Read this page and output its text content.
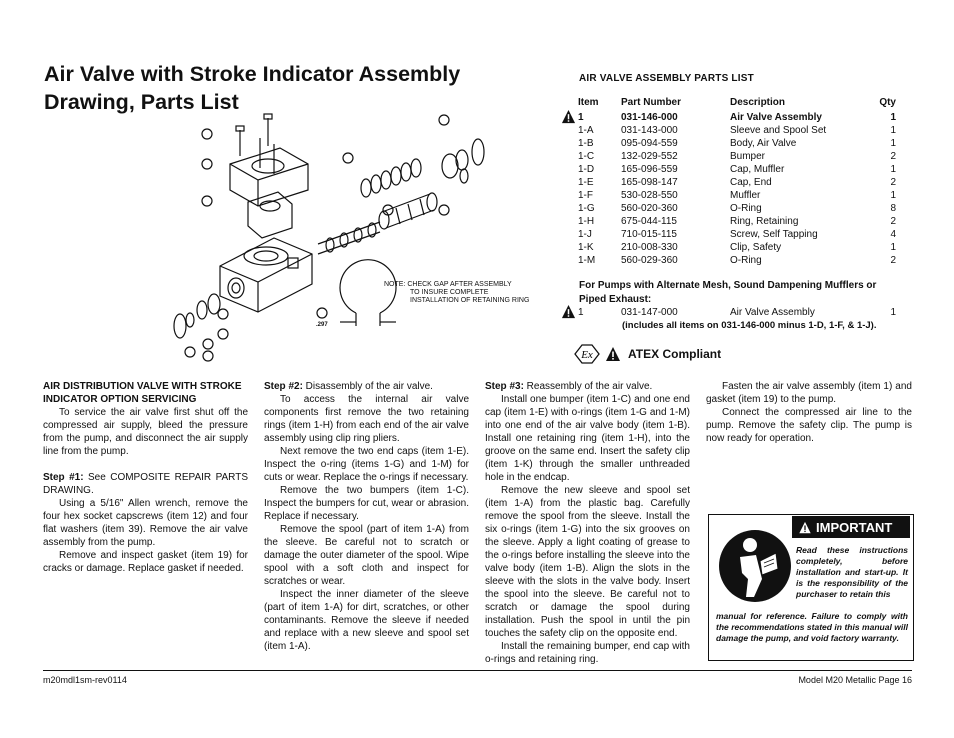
Air Valve with Stroke Indicator Assembly Drawing, Parts List
NOTE: CHECK GAP AFTER ASSEMBLY
TO INSURE COMPLETE
INSTALLATION OF RETAINING RING
.297
AIR VALVE ASSEMBLY PARTS LIST
Item	Part Number	Description	Qty
1	031-146-000	Air Valve Assembly	1
1-A	031-143-000	Sleeve and Spool Set	1
1-B	095-094-559	Body, Air Valve	1
1-C	132-029-552	Bumper	2
1-D	165-096-559	Cap, Muffler	1
1-E	165-098-147	Cap, End	2
1-F	530-028-550	Muffler	1
1-G	560-020-360	O-Ring	8
1-H	675-044-115	Ring, Retaining	2
1-J	710-015-115	Screw, Self Tapping	4
1-K	210-008-330	Clip, Safety	1
1-M	560-029-360	O-Ring	2
For Pumps with Alternate Mesh, Sound Dampening Mufflers or Piped Exhaust:
1	031-147-000	Air Valve Assembly	1
(includes all items on 031-146-000 minus 1-D, 1-F, & 1-J).
Ex	ATEX Compliant

AIR DISTRIBUTION VALVE WITH STROKE INDICATOR OPTION SERVICING

To service the air valve first shut off the compressed air supply, bleed the pressure from the pump, and disconnect the air supply line from the pump.

Step #1: See COMPOSITE REPAIR PARTS DRAWING.

Using a 5/16" Allen wrench, remove the four hex socket capscrews (item 12) and four flat washers (item 39). Remove the air valve assembly from the pump.

Remove and inspect gasket (item 19) for cracks or damage. Replace gasket if needed.

Step #2: Disassembly of the air valve.

To access the internal air valve components first remove the two retaining rings (item 1-H) from each end of the air valve assembly using clip ring pliers.

Next remove the two end caps (item 1-E). Inspect the o-ring (items 1-G) and 1-M) for cuts or wear. Replace the o-rings if necessary.

Remove the two bumpers (item 1-C). Inspect the bumpers for cut, wear or abrasion. Replace if necessary.

Remove the spool (part of item 1-A) from the sleeve. Be careful not to scratch or damage the outer diameter of the spool. Wipe spool with a soft cloth and inspect for scratches or wear.

Inspect the inner diameter of the sleeve (part of item 1-A) for dirt, scratches, or other contaminants. Remove the sleeve if needed and replace with a new sleeve and spool set (item 1-A).

Step #3: Reassembly of the air valve.

Install one bumper (item 1-C) and one end cap (item 1-E) with o-rings (item 1-G and 1-M) into one end of the air valve body (item 1-B). Install one retaining ring (item 1-H), into the groove on the same end. Insert the safety clip (item 1-K) through the smaller unthreaded hole in the endcap.

Remove the new sleeve and spool set (item 1-A) from the plastic bag. Carefully remove the spool from the sleeve. Install the six o-rings (item 1-G) into the six grooves on the sleeve. Apply a light coating of grease to the o-rings before installing the sleeve into the valve body (item 1-B). Align the slots in the sleeve with the slots in the valve body. Insert the spool into the sleeve. Be careful not to scratch or damage the spool during installation. Push the spool in until the pin touches the safety clip on the opposite end.

Install the remaining bumper, end cap with o-rings and retaining ring.

Fasten the air valve assembly (item 1) and gasket (item 19) to the pump.

Connect the compressed air line to the pump. Remove the safety clip. The pump is now ready for operation.

IMPORTANT
Read these instructions completely, before installation and start-up. It is the responsibility of the purchaser to retain this
manual for reference. Failure to comply with the recommendations stated in this manual will damage the pump, and void factory warranty.
m20mdl1sm-rev0114	Model M20 Metallic Page 16
